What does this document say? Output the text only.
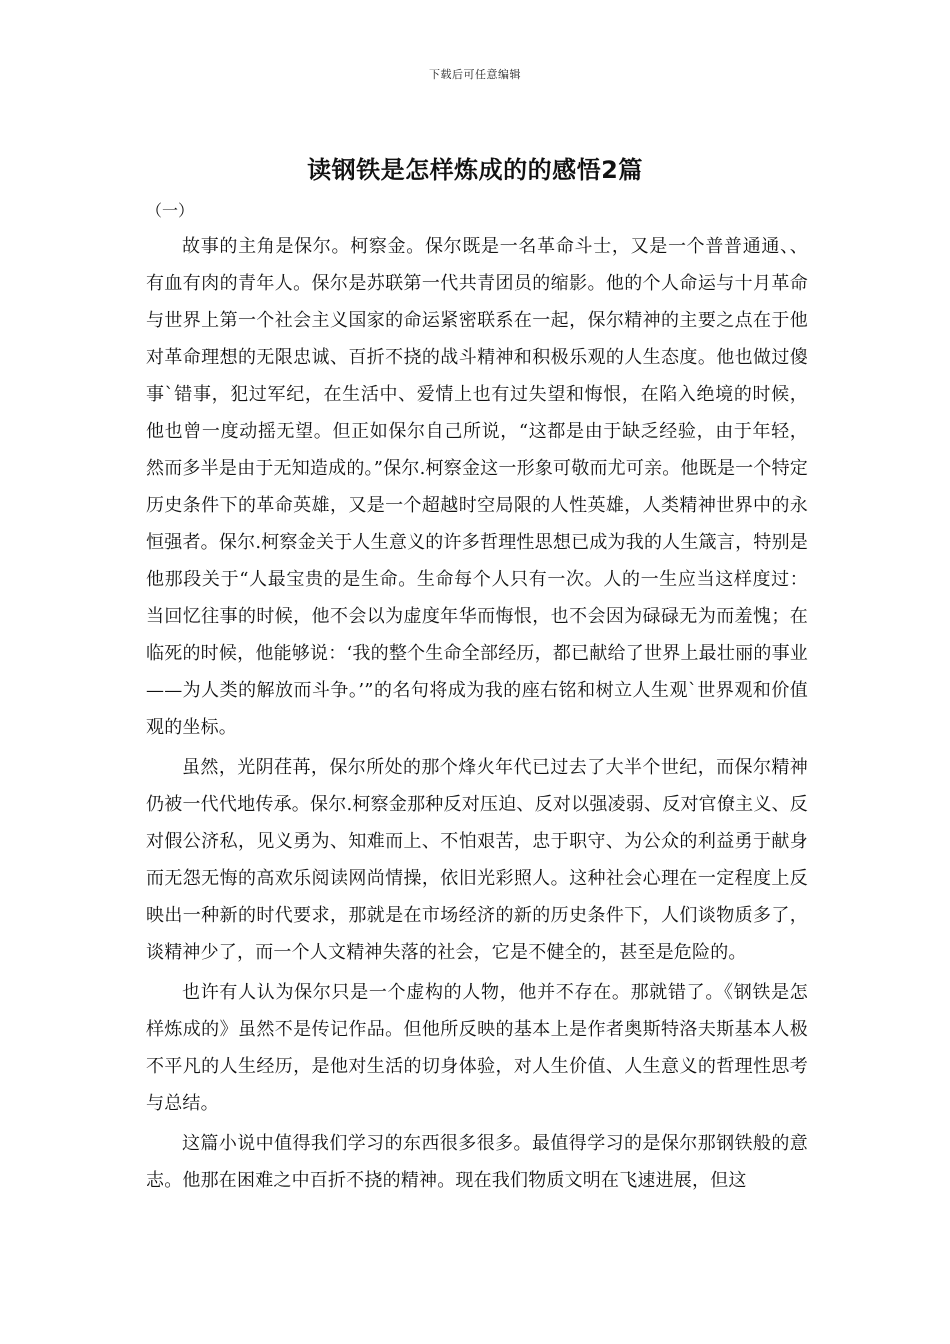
下载后可任意编辑
读钢铁是怎样炼成的的感悟2篇
（一）

故事的主角是保尔。柯察金。保尔既是一名革命斗士，又是一个普普通通、、有血有肉的青年人。保尔是苏联第一代共青团员的缩影。他的个人命运与十月革命与世界上第一个社会主义国家的命运紧密联系在一起，保尔精神的主要之点在于他对革命理想的无限忠诚、百折不挠的战斗精神和积极乐观的人生态度。他也做过傻事`错事，犯过军纪，在生活中、爱情上也有过失望和悔恨，在陷入绝境的时候，他也曾一度动摇无望。但正如保尔自己所说，“这都是由于缺乏经验，由于年轻，然而多半是由于无知造成的。”保尔.柯察金这一形象可敬而尤可亲。他既是一个特定历史条件下的革命英雄，又是一个超越时空局限的人性英雄，人类精神世界中的永恒强者。保尔.柯察金关于人生意义的许多哲理性思想已成为我的人生箴言，特别是他那段关于“人最宝贵的是生命。生命每个人只有一次。人的一生应当这样度过：当回忆往事的时候，他不会以为虚度年华而悔恨，也不会因为碌碌无为而羞愧；在临死的时候，他能够说：‘我的整个生命全部经历，都已献给了世界上最壮丽的事业——为人类的解放而斗争。’”的名句将成为我的座右铭和树立人生观`世界观和价值观的坐标。

虽然，光阴荏苒，保尔所处的那个烽火年代已过去了大半个世纪，而保尔精神仍被一代代地传承。保尔.柯察金那种反对压迫、反对以强凌弱、反对官僚主义、反对假公济私，见义勇为、知难而上、不怕艰苦，忠于职守、为公众的利益勇于献身而无怨无悔的高欢乐阅读网尚情操，依旧光彩照人。这种社会心理在一定程度上反映出一种新的时代要求，那就是在市场经济的新的历史条件下，人们谈物质多了，谈精神少了，而一个人文精神失落的社会，它是不健全的，甚至是危险的。

也许有人认为保尔只是一个虚构的人物，他并不存在。那就错了。《钢铁是怎样炼成的》虽然不是传记作品。但他所反映的基本上是作者奥斯特洛夫斯基本人极不平凡的人生经历，是他对生活的切身体验，对人生价值、人生意义的哲理性思考与总结。

这篇小说中值得我们学习的东西很多很多。最值得学习的是保尔那钢铁般的意志。他那在困难之中百折不挠的精神。现在我们物质文明在飞速进展，但这
